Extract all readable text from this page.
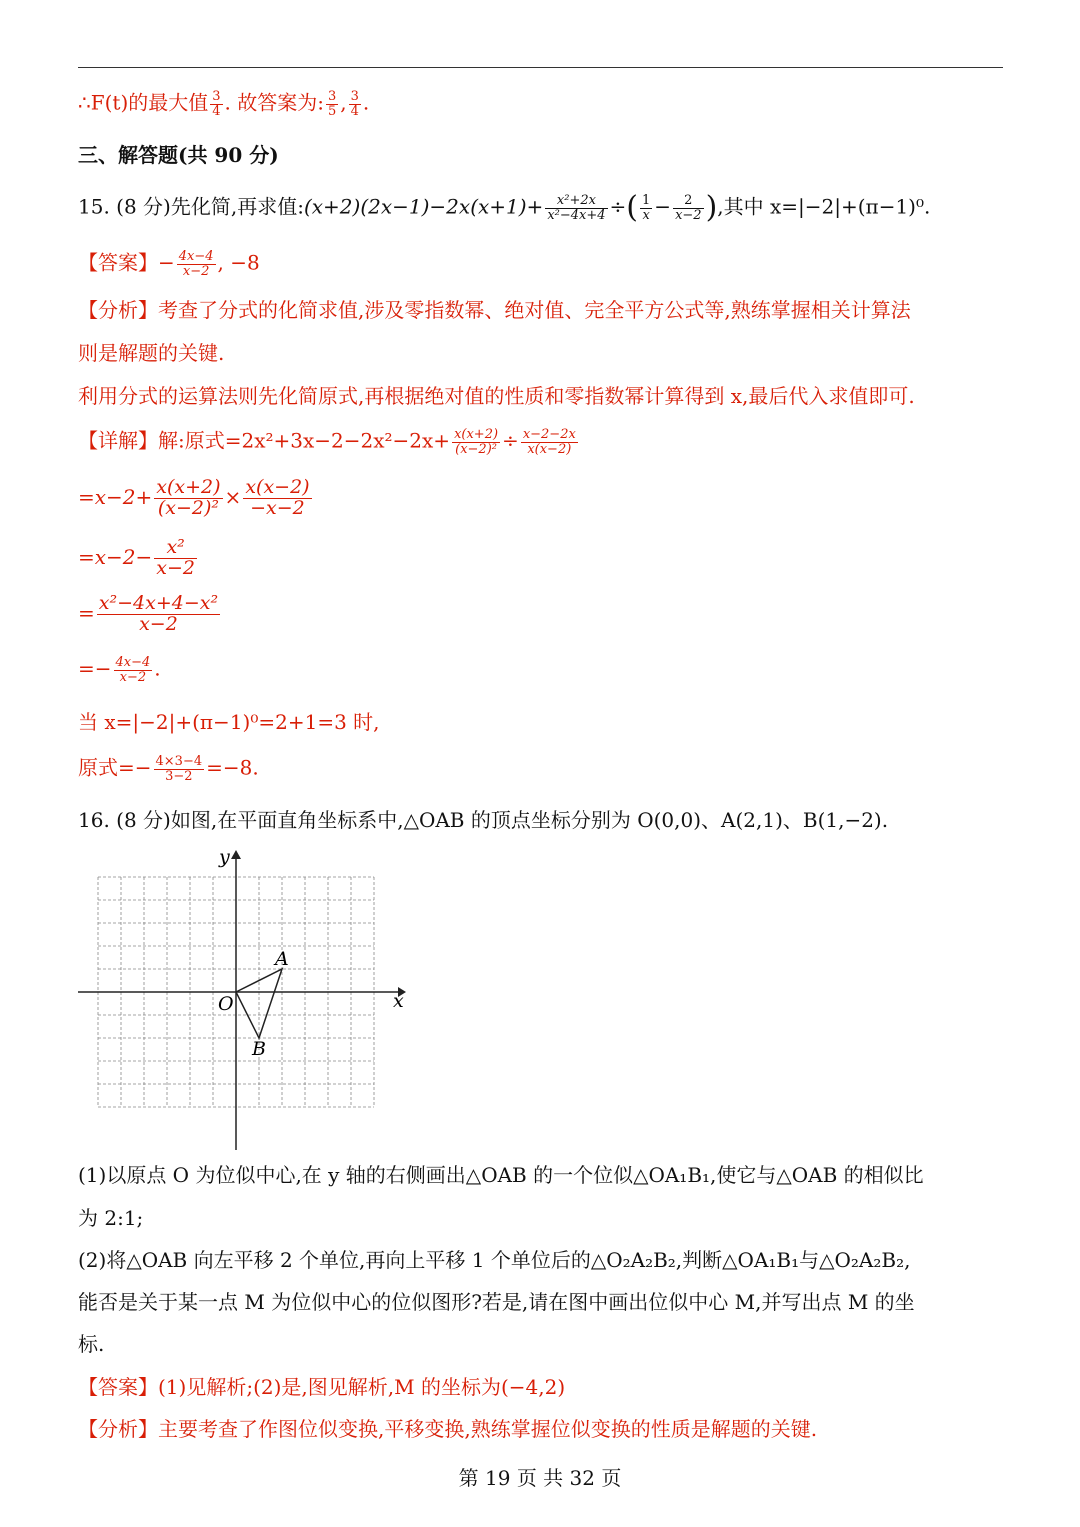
∴F(t)的最大值 $\frac{3}{4}$ . 故答案为: $\frac{3}{5}$ , $\frac{3}{4}$ .
三、解答题(共 90 分)
15. (8 分)先化简,再求值:(x+2)(2x−1)−2x(x+1)+ $\frac{\text{x²+2x}}{\text{x²−4x+4}}$ ÷( $\frac{1}{x} - \frac{2}{x-2}$ ),其中 x=|−2|+(π−1)⁰.
【答案】− $\frac{4x-4}{x-2}$ , −8
【分析】考查了分式的化简求值,涉及零指数幂、绝对值、完全平方公式等,熟练掌握相关计算法
则是解题的关键.
利用分式的运算法则先化简原式,再根据绝对值的性质和零指数幂计算得到 x,最后代入求值即可.
【详解】解:原式$=2x^2+3x-2-2x^2-2x+ \frac{x(x+2)}{\text{(x−2)²}} \div \frac{x-2-2x}{x(x-2)}$
$=x-2+ \frac{x(x+2)}{\text{(x−2)²}} \times \frac{x(x-2)}{-x-2}$
$=x-2- \frac{\text{x²}}{x-2}$
= $\frac{\text{x²−4x+4−x²}}{x-2}$
=− $\frac{4x-4}{x-2}$ .
当 x=|−2|+(π−1)⁰=2+1=3 时,
原式=− $\frac{4\times 3-4}{3-2} =-8$.
16. (8 分)如图,在平面直角坐标系中,△OAB 的顶点坐标分别为 O(0,0)、A(2,1)、B(1,−2).
x
y
O
A
B
(1)以原点 O 为位似中心,在 y 轴的右侧画出△OAB 的一个位似△OA₁B₁,使它与△OAB 的相似比
为 2:1;
(2)将△OAB 向左平移 2 个单位,再向上平移 1 个单位后的△O₂A₂B₂,判断△OA₁B₁与△O₂A₂B₂,
能否是关于某一点 M 为位似中心的位似图形?若是,请在图中画出位似中心 M,并写出点 M 的坐
标.
【答案】(1)见解析;(2)是,图见解析,M 的坐标为(−4,2)
【分析】主要考查了作图位似变换,平移变换,熟练掌握位似变换的性质是解题的关键.
第 19 页 共 32 页
